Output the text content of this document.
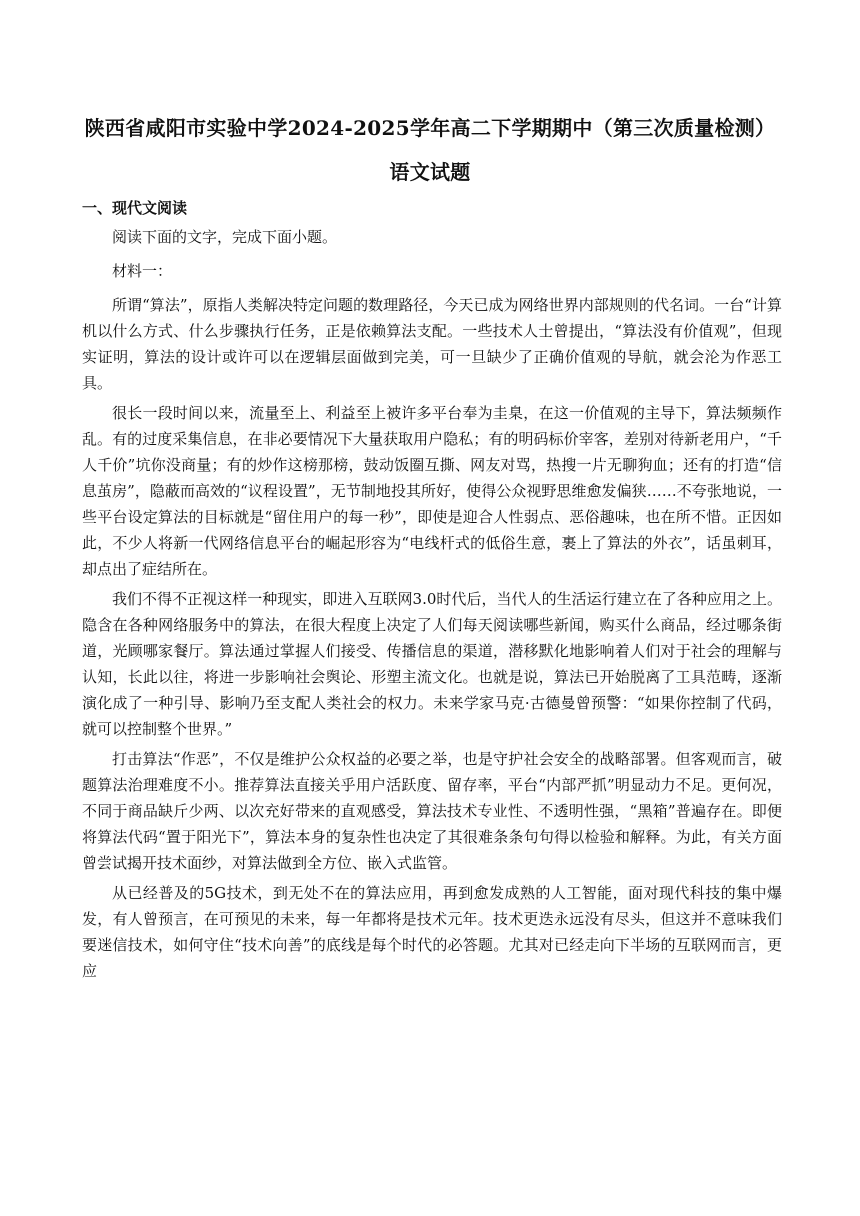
陕西省咸阳市实验中学2024-2025学年高二下学期期中（第三次质量检测）
语文试题
一、现代文阅读

阅读下面的文字，完成下面小题。

材料一：

所谓“算法”，原指人类解决特定问题的数理路径，今天已成为网络世界内部规则的代名词。一台“计算机以什么方式、什么步骤执行任务，正是依赖算法支配。一些技术人士曾提出，“算法没有价值观”，但现实证明，算法的设计或许可以在逻辑层面做到完美，可一旦缺少了正确价值观的导航，就会沦为作恶工具。

很长一段时间以来，流量至上、利益至上被许多平台奉为圭臬，在这一价值观的主导下，算法频频作乱。有的过度采集信息，在非必要情况下大量获取用户隐私；有的明码标价宰客，差别对待新老用户，“千人千价”坑你没商量；有的炒作这榜那榜，鼓动饭圈互撕、网友对骂，热搜一片无聊狗血；还有的打造“信息茧房”，隐蔽而高效的“议程设置”，无节制地投其所好，使得公众视野思维愈发偏狭……不夸张地说，一些平台设定算法的目标就是“留住用户的每一秒”，即使是迎合人性弱点、恶俗趣味，也在所不惜。正因如此，不少人将新一代网络信息平台的崛起形容为“电线杆式的低俗生意，裹上了算法的外衣”，话虽刺耳，却点出了症结所在。

我们不得不正视这样一种现实，即进入互联网3.0时代后，当代人的生活运行建立在了各种应用之上。隐含在各种网络服务中的算法，在很大程度上决定了人们每天阅读哪些新闻，购买什么商品，经过哪条街道，光顾哪家餐厅。算法通过掌握人们接受、传播信息的渠道，潜移默化地影响着人们对于社会的理解与认知，长此以往，将进一步影响社会舆论、形塑主流文化。也就是说，算法已开始脱离了工具范畴，逐渐演化成了一种引导、影响乃至支配人类社会的权力。未来学家马克·古德曼曾预警：“如果你控制了代码，就可以控制整个世界。”

打击算法“作恶”，不仅是维护公众权益的必要之举，也是守护社会安全的战略部署。但客观而言，破题算法治理难度不小。推荐算法直接关乎用户活跃度、留存率，平台“内部严抓”明显动力不足。更何况，不同于商品缺斤少两、以次充好带来的直观感受，算法技术专业性、不透明性强，“黑箱”普遍存在。即便将算法代码“置于阳光下”，算法本身的复杂性也决定了其很难条条句句得以检验和解释。为此，有关方面曾尝试揭开技术面纱，对算法做到全方位、嵌入式监管。

从已经普及的5G技术，到无处不在的算法应用，再到愈发成熟的人工智能，面对现代科技的集中爆发，有人曾预言，在可预见的未来，每一年都将是技术元年。技术更迭永远没有尽头，但这并不意味我们要迷信技术，如何守住“技术向善”的底线是每个时代的必答题。尤其对已经走向下半场的互联网而言，更应
